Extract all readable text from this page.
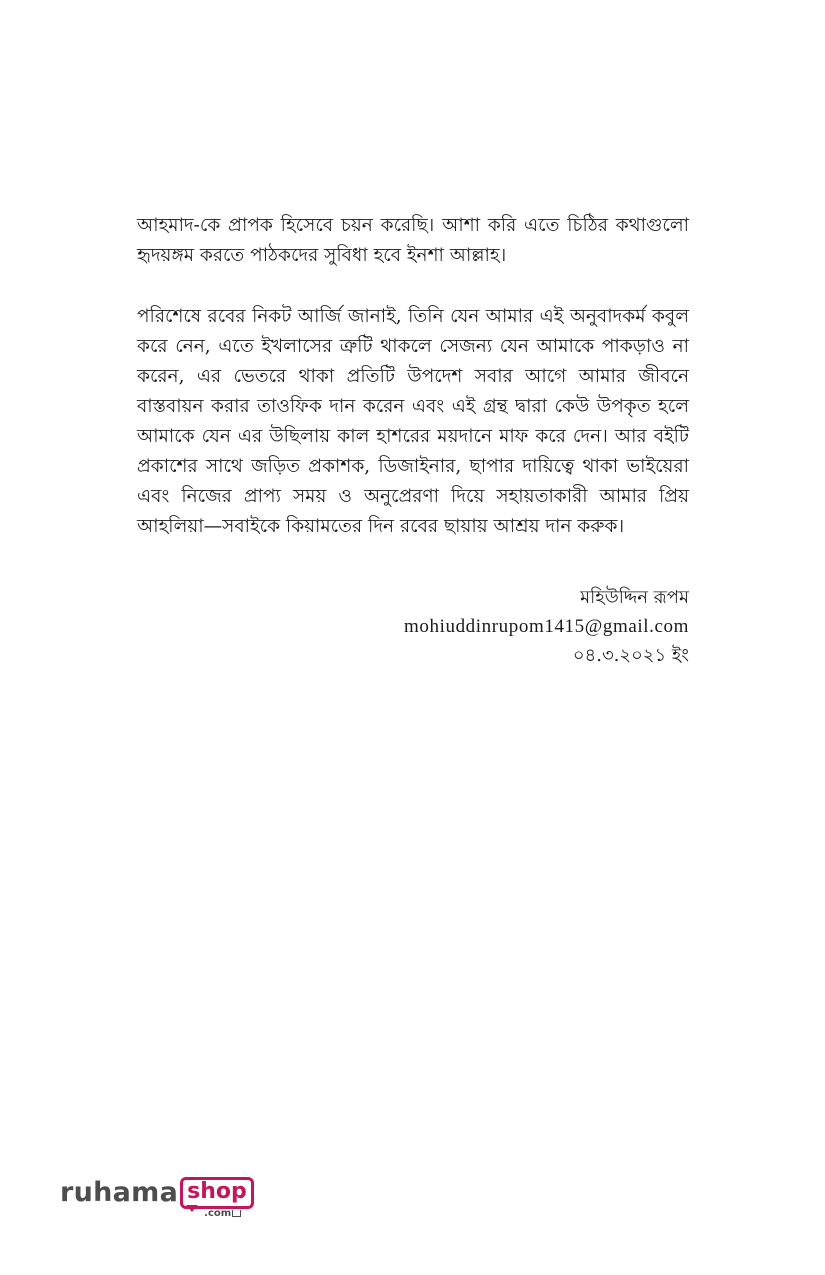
আহমাদ-কে প্রাপক হিসেবে চয়ন করেছি। আশা করি এতে চিঠির কথাগুলো হৃদয়ঙ্গম করতে পাঠকদের সুবিধা হবে ইনশা আল্লাহ।

পরিশেষে রবের নিকট আর্জি জানাই, তিনি যেন আমার এই অনুবাদকর্ম কবুল করে নেন, এতে ইখলাসের ত্রুটি থাকলে সেজন্য যেন আমাকে পাকড়াও না করেন, এর ভেতরে থাকা প্রতিটি উপদেশ সবার আগে আমার জীবনে বাস্তবায়ন করার তাওফিক দান করেন এবং এই গ্রন্থ দ্বারা কেউ উপকৃত হলে আমাকে যেন এর উছিলায় কাল হাশরের ময়দানে মাফ করে দেন। আর বইটি প্রকাশের সাথে জড়িত প্রকাশক, ডিজাইনার, ছাপার দায়িত্বে থাকা ভাইয়েরা এবং নিজের প্রাপ্য সময় ও অনুপ্রেরণা দিয়ে সহায়তাকারী আমার প্রিয় আহলিয়া—সবাইকে কিয়ামতের দিন রবের ছায়ায় আশ্রয় দান করুক।

মহিউদ্দিন রূপম
mohiuddinrupom1415@gmail.com
০৪.৩.২০২১ ইং
ruhama shop
.com
